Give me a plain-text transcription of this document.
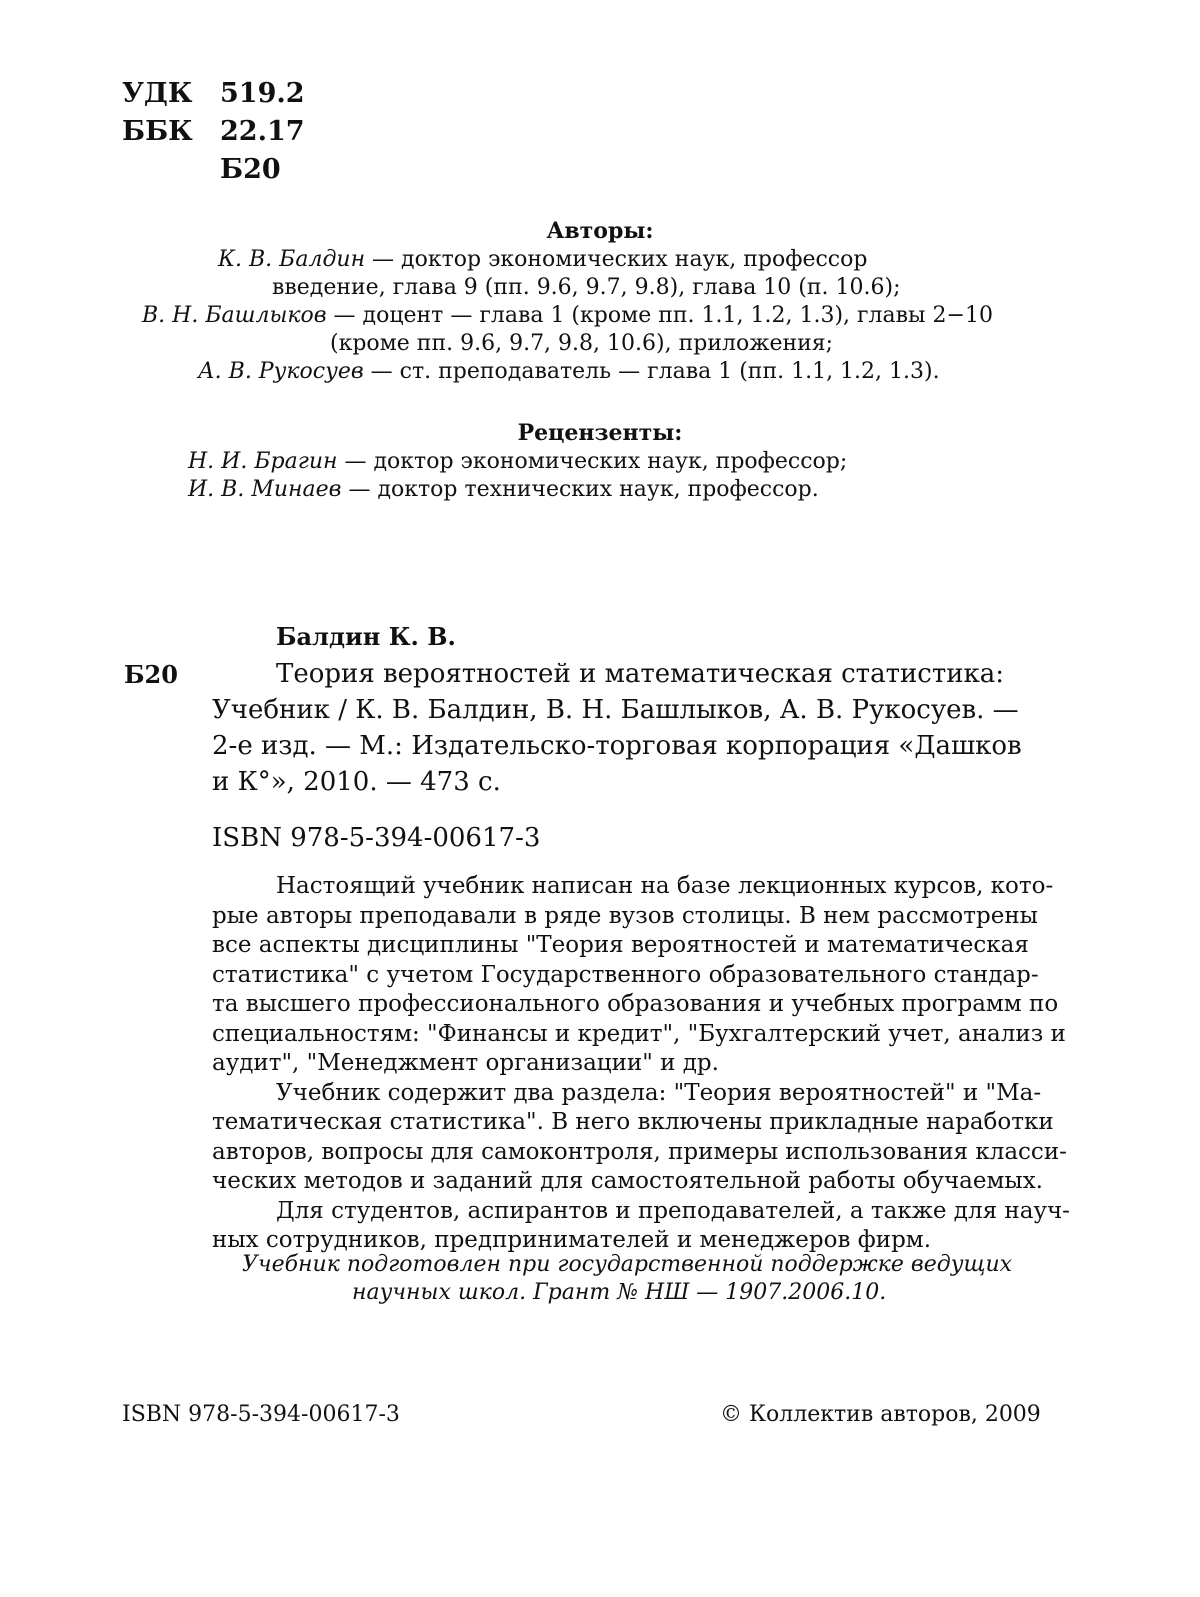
УДК 519.2
ББК 22.17
Б20
Авторы:
К. В. Балдин — доктор экономических наук, профессор
введение, глава 9 (пп. 9.6, 9.7, 9.8), глава 10 (п. 10.6);
В. Н. Башлыков — доцент — глава 1 (кроме пп. 1.1, 1.2, 1.3), главы 2−10
(кроме пп. 9.6, 9.7, 9.8, 10.6), приложения;
А. В. Рукосуев — ст. преподаватель — глава 1 (пп. 1.1, 1.2, 1.3).
Рецензенты:
Н. И. Брагин — доктор экономических наук, профессор;
И. В. Минаев — доктор технических наук, профессор.
Балдин К. В.
Б20	Теория вероятностей и математическая статистика:
Учебник / К. В. Балдин, В. Н. Башлыков, А. В. Рукосуев. —
2-е изд. — М.: Издательско-торговая корпорация «Дашков
и К°», 2010. — 473 с.
ISBN 978-5-394-00617-3
Настоящий учебник написан на базе лекционных курсов, кото-
рые авторы преподавали в ряде вузов столицы. В нем рассмотрены
все аспекты дисциплины "Теория вероятностей и математическая
статистика" с учетом Государственного образовательного стандар-
та высшего профессионального образования и учебных программ по
специальностям: "Финансы и кредит", "Бухгалтерский учет, анализ и
аудит", "Менеджмент организации" и др.
Учебник содержит два раздела: "Теория вероятностей" и "Ма-
тематическая статистика". В него включены прикладные наработки
авторов, вопросы для самоконтроля, примеры использования класси-
ческих методов и заданий для самостоятельной работы обучаемых.
Для студентов, аспирантов и преподавателей, а также для науч-
ных сотрудников, предпринимателей и менеджеров фирм.
Учебник подготовлен при государственной поддержке ведущих
научных школ. Грант № НШ — 1907.2006.10.
ISBN 978-5-394-00617-3	© Коллектив авторов, 2009
